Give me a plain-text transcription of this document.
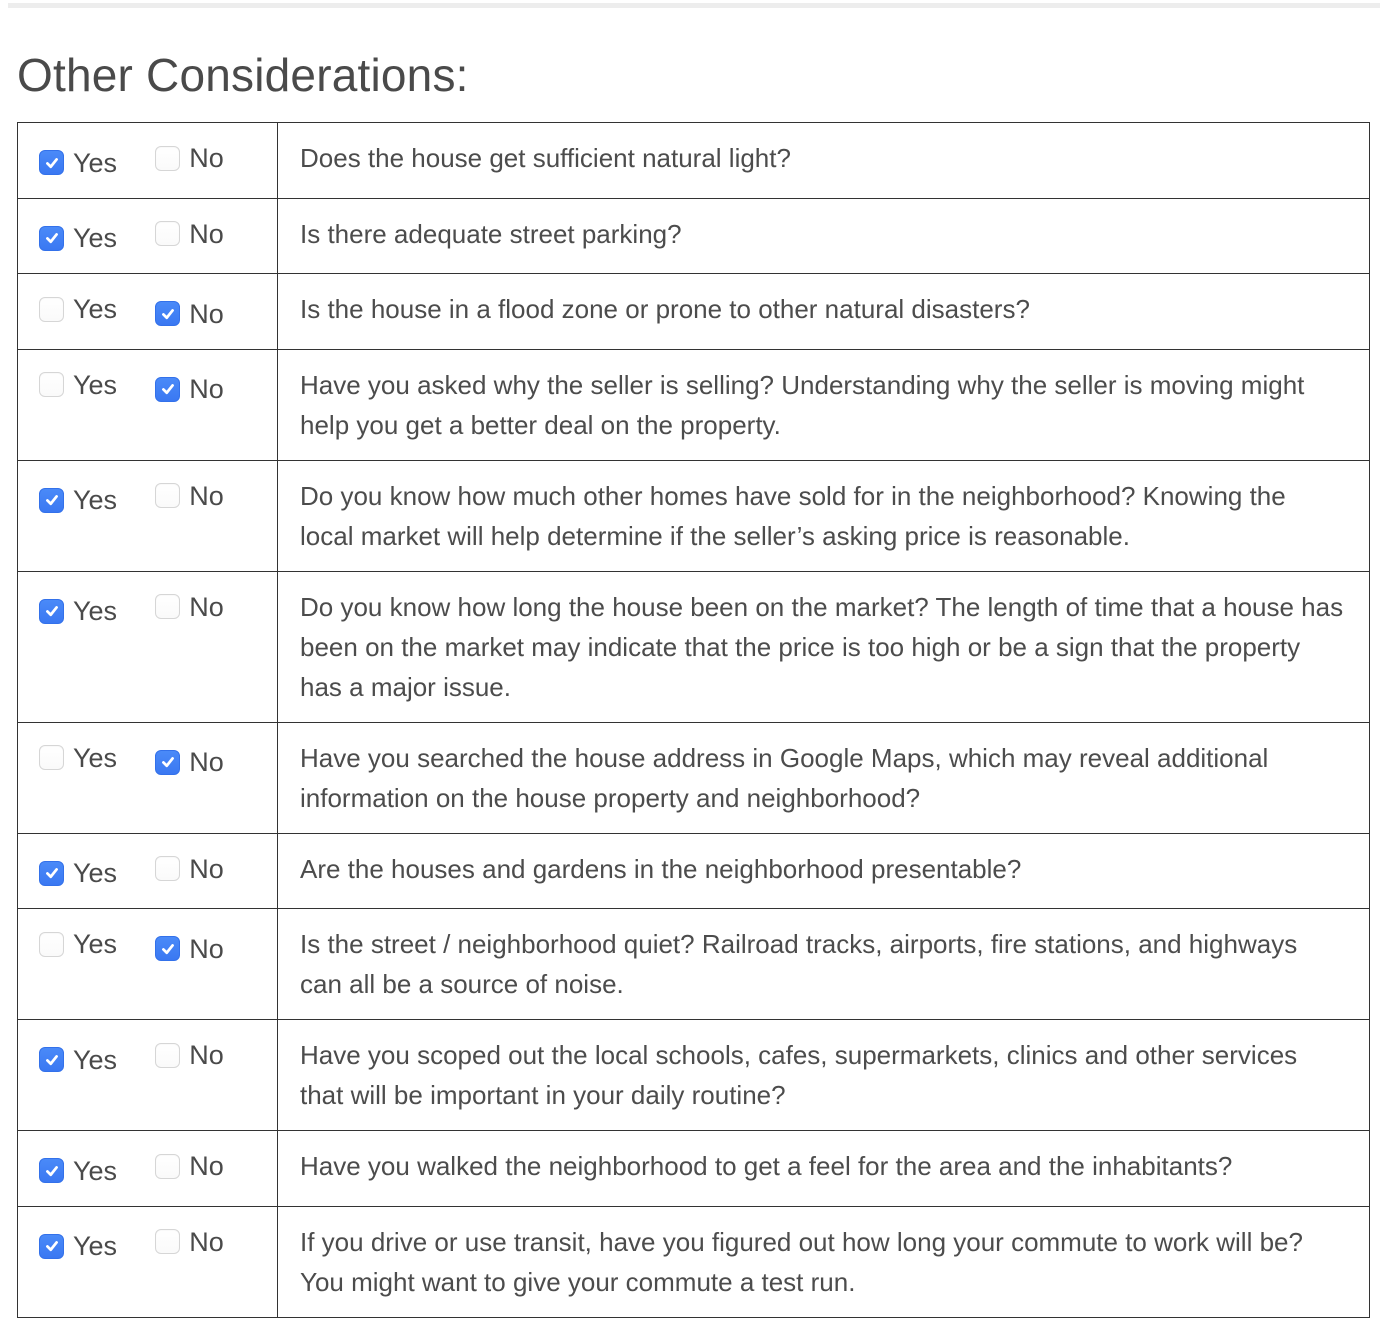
Other Considerations:
Yes
No	Does the house get sufficient natural light?

Yes
No	Is there adequate street parking?

Yes
No	Is the house in a flood zone or prone to other natural disasters?

Yes
No	Have you asked why the seller is selling? Understanding why the seller is moving might help you get a better deal on the property.

Yes
No	Do you know how much other homes have sold for in the neighborhood? Knowing the local market will help determine if the seller’s asking price is reasonable.

Yes
No	Do you know how long the house been on the market? The length of time that a house has been on the market may indicate that the price is too high or be a sign that the property has a major issue.

Yes
No	Have you searched the house address in Google Maps, which may reveal additional information on the house property and neighborhood?

Yes
No	Are the houses and gardens in the neighborhood presentable?

Yes
No	Is the street / neighborhood quiet? Railroad tracks, airports, fire stations, and highways can all be a source of noise.

Yes
No	Have you scoped out the local schools, cafes, supermarkets, clinics and other services that will be important in your daily routine?

Yes
No	Have you walked the neighborhood to get a feel for the area and the inhabitants?

Yes
No	If you drive or use transit, have you figured out how long your commute to work will be? You might want to give your commute a test run.
